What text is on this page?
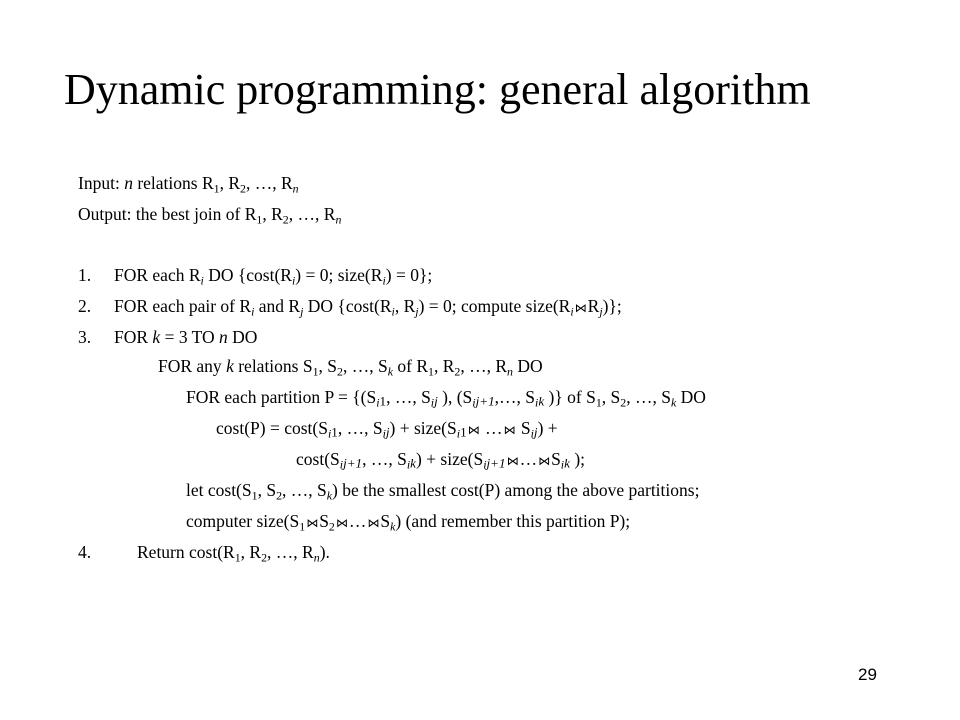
Dynamic programming: general algorithm
Input: n relations $R_1$, $R_2$, …, $R_n$
Output: the best join of $R_1$, $R_2$, …, $R_n$
1. FOR each $R_i$ DO {$\cos t(R_i) = 0$; $size(R_i) = 0$};
2. FOR each pair of $R_i$ and $R_j$ DO {$\cos t(R_i$, $R_j) = 0$; compute $size(R_i⋈R_j)$};
3. FOR k = 3 TO n DO
FOR any k relations $S_1$, $S_2$, …, $S_k$ of $R_1$, $R_2$, …, $R_n$ DO
FOR each partition $P = \{(S_{i1}$, …, $S_{ij}$ ), ($S_{ij+1},\dots$, $S_{ik}$ )} of $S_1$, $S_2$, …, $S_k$ DO
$\cos t(P) = \cos t(S_{i1}$, …, $S_{ij}$) + $size(S_{i1}⋈$ …⋈ $S_{ij}$) +
$\cos t(S_{ij+1}$, …, $S_{ik}$) + $size(S_{ij+1}⋈\dots⋈S_{ik}$ );
let $\cos t(S_1$, $S_2$, …, $S_k$) be the smallest cost(P) among the above partitions;
computer $size(S_1⋈S_2⋈\dots⋈S_k)$ (and remember this partition P);
4.	Return $\cos t(R_1$, $R_2$, …, $R_n$).
29
